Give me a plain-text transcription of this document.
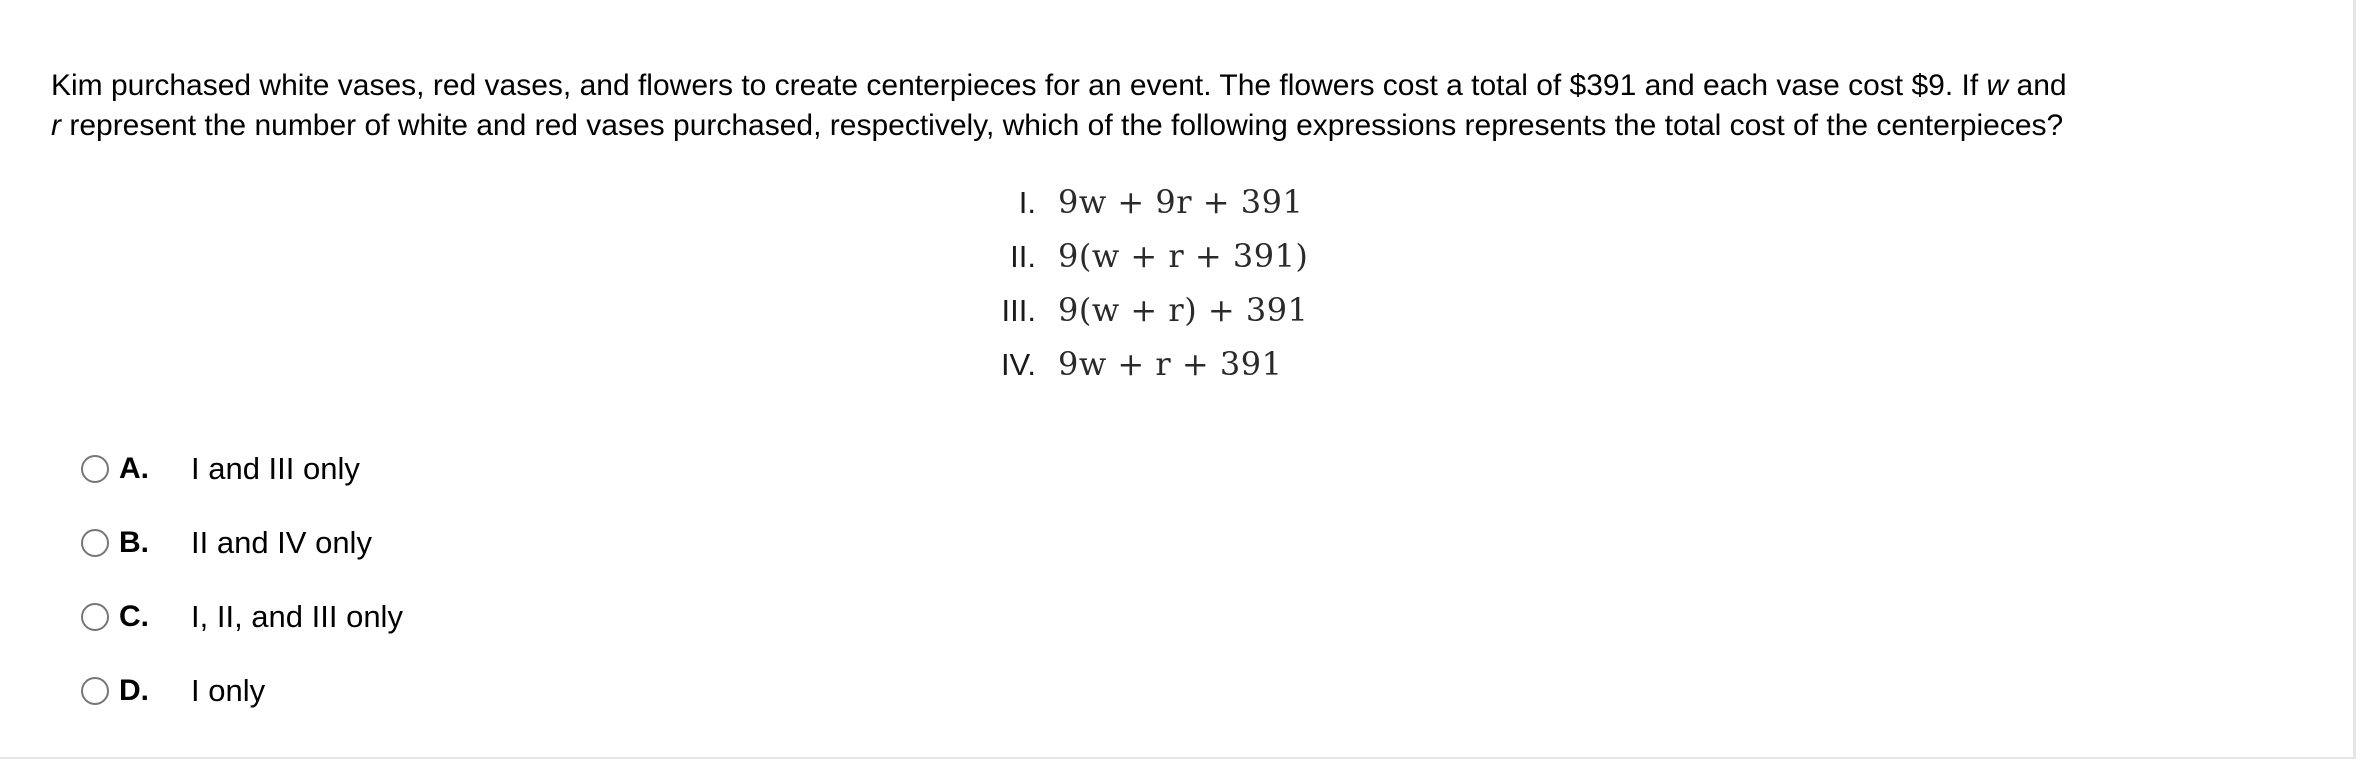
Kim purchased white vases, red vases, and flowers to create centerpieces for an event. The flowers cost a total of $391 and each vase cost $9. If w and
r represent the number of white and red vases purchased, respectively, which of the following expressions represents the total cost of the centerpieces?
I. 9w + 9r + 391
II. 9(w + r + 391)
III. 9(w + r) + 391
IV. 9w + r + 391
A.	I and III only
B.	II and IV only
C.	I, II, and III only
D.	I only
